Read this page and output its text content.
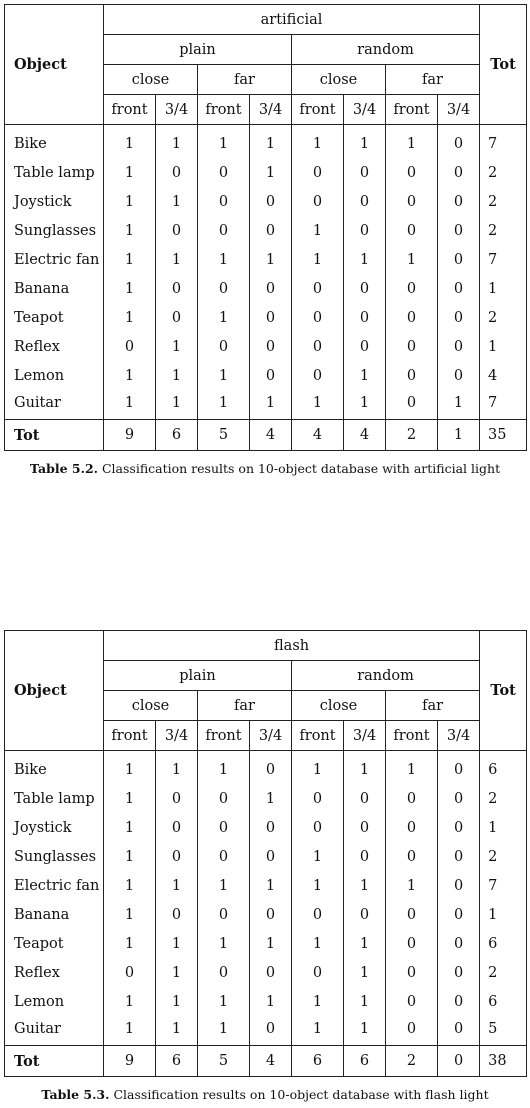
Object	artificial								Tot
	plain				random				
	close		far		close		far		
	front	3/4	front	3/4	front	3/4	front	3/4	
Bike	1	1	1	1	1	1	1	0	7
Table lamp	1	0	0	1	0	0	0	0	2
Joystick	1	1	0	0	0	0	0	0	2
Sunglasses	1	0	0	0	1	0	0	0	2
Electric fan	1	1	1	1	1	1	1	0	7
Banana	1	0	0	0	0	0	0	0	1
Teapot	1	0	1	0	0	0	0	0	2
Reflex	0	1	0	0	0	0	0	0	1
Lemon	1	1	1	0	0	1	0	0	4
Guitar	1	1	1	1	1	1	0	1	7
Tot	9	6	5	4	4	4	2	1	35
Table 5.2. Classification results on 10-object database with artificial light
Object	flash								Tot
	plain				random				
	close		far		close		far		
	front	3/4	front	3/4	front	3/4	front	3/4	
Bike	1	1	1	0	1	1	1	0	6
Table lamp	1	0	0	1	0	0	0	0	2
Joystick	1	0	0	0	0	0	0	0	1
Sunglasses	1	0	0	0	1	0	0	0	2
Electric fan	1	1	1	1	1	1	1	0	7
Banana	1	0	0	0	0	0	0	0	1
Teapot	1	1	1	1	1	1	0	0	6
Reflex	0	1	0	0	0	1	0	0	2
Lemon	1	1	1	1	1	1	0	0	6
Guitar	1	1	1	0	1	1	0	0	5
Tot	9	6	5	4	6	6	2	0	38
Table 5.3. Classification results on 10-object database with flash light
